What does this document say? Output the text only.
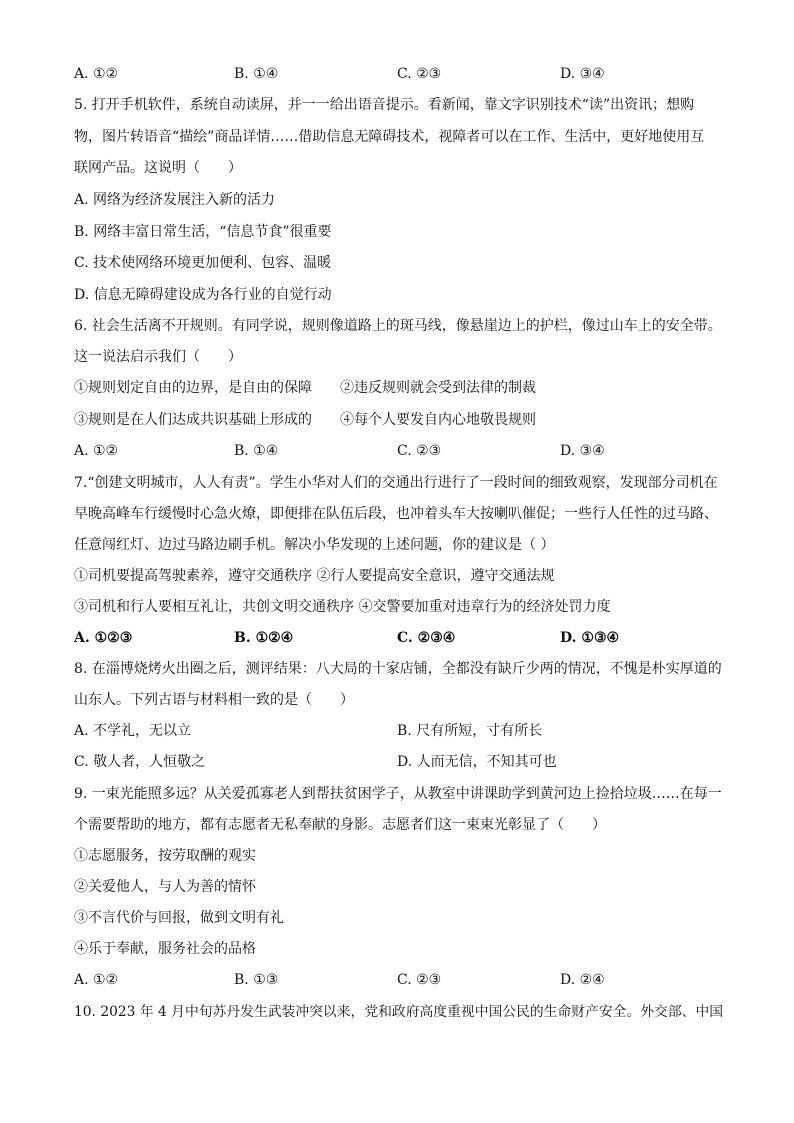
A. ①②	B. ①④	C. ②③	D. ③④
5. 打开手机软件，系统自动读屏，并一一给出语音提示。看新闻，靠文字识别技术“读”出资讯；想购
物，图片转语音“描绘”商品详情……借助信息无障碍技术，视障者可以在工作、生活中，更好地使用互
联网产品。这说明（　　）
A. 网络为经济发展注入新的活力
B. 网络丰富日常生活，“信息节食”很重要
C. 技术使网络环境更加便利、包容、温暖
D. 信息无障碍建设成为各行业的自觉行动
6. 社会生活离不开规则。有同学说，规则像道路上的斑马线，像悬崖边上的护栏，像过山车上的安全带。
这一说法启示我们（　　）
①规则划定自由的边界，是自由的保障　　②违反规则就会受到法律的制裁
③规则是在人们达成共识基础上形成的　　④每个人要发自内心地敬畏规则
A. ①②	B. ①④	C. ②③	D. ③④
7.“创建文明城市，人人有责”。学生小华对人们的交通出行进行了一段时间的细致观察，发现部分司机在
早晚高峰车行缓慢时心急火燎，即便排在队伍后段，也冲着头车大按喇叭催促；一些行人任性的过马路、
任意闯红灯、边过马路边刷手机。解决小华发现的上述问题，你的建议是（ ）
①司机要提高驾驶素养，遵守交通秩序 ②行人要提高安全意识，遵守交通法规
③司机和行人要相互礼让，共创文明交通秩序 ④交警要加重对违章行为的经济处罚力度
A. ①②③	B. ①②④	C. ②③④	D. ①③④
8. 在淄博烧烤火出圈之后，测评结果：八大局的十家店铺，全都没有缺斤少两的情况，不愧是朴实厚道的
山东人。下列古语与材料相一致的是（　　）
A. 不学礼，无以立	B. 尺有所短，寸有所长
C. 敬人者，人恒敬之	D. 人而无信，不知其可也
9. 一束光能照多远？从关爱孤寡老人到帮扶贫困学子，从教室中讲课助学到黄河边上捡拾垃圾……在每一
个需要帮助的地方，都有志愿者无私奉献的身影。志愿者们这一束束光彰显了（　　）
①志愿服务，按劳取酬的观实
②关爱他人，与人为善的情怀
③不言代价与回报，做到文明有礼
④乐于奉献，服务社会的品格
A. ①②	B. ①③	C. ②③	D. ②④
10. 2023 年 4 月中旬苏丹发生武装冲突以来，党和政府高度重视中国公民的生命财产安全。外交部、中国
